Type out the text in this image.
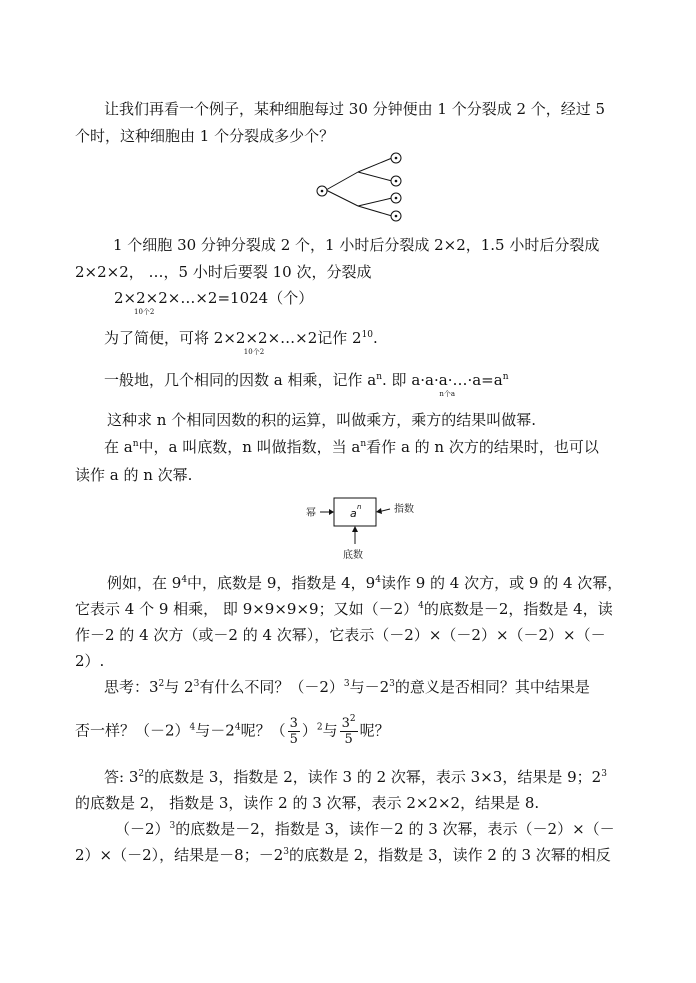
让我们再看一个例子，某种细胞每过 30 分钟便由 1 个分裂成 2 个，经过 5
个时，这种细胞由 1 个分裂成多少个？
1 个细胞 30 分钟分裂成 2 个，1 小时后分裂成 2×2，1.5 小时后分裂成
2×2×2， …，5 小时后要裂 10 次，分裂成
2×2×2×…×2
10个2
=1024（个）
为了简便，可将 2×2×2×…×2
10个2
记作 $2^{10}$.
一般地，几个相同的因数 a 相乘，记作 $a^n$. 即 a·a·a·…·a
n个a
$=a^n$
这种求 n 个相同因数的积的运算，叫做乘方，乘方的结果叫做幂.
在 $a^n$中，a 叫底数，n 叫做指数，当 $a^n$看作 a 的 n 次方的结果时，也可以
读作 a 的 n 次幂.
幂	指数
底数
a n
例如，在 $9^4$中，底数是 9，指数是 4，$9^4$读作 9 的 4 次方，或 9 的 4 次幂，
它表示 4 个 9 相乘， 即 9×9×9×9；又如$(-2)^4$的底数是－2，指数是 4，读
作－2 的 4 次方（或－2 的 4 次幂），它表示（－2）×（－2）×（－2）×（－
2）.
思考：$3^2$与 $2^3$有什么不同？$(-2)^3$与$-2^3$的意义是否相同？其中结果是
否一样？$(-2)^4$与$-2^4$呢？（ $\frac{3}{5} )^2$与 $\frac{3^2}{5}$ 呢？
答: $3^2$的底数是 3，指数是 2，读作 3 的 2 次幂，表示 3×3，结果是 9；$2^3$
的底数是 2， 指数是 3，读作 2 的 3 次幂，表示 2×2×2，结果是 8.
$(-2)^3$的底数是－2，指数是 3，读作－2 的 3 次幂，表示（－2）×（－
2）×（－2），结果是－8；$-2^3$的底数是 2，指数是 3，读作 2 的 3 次幂的相反
